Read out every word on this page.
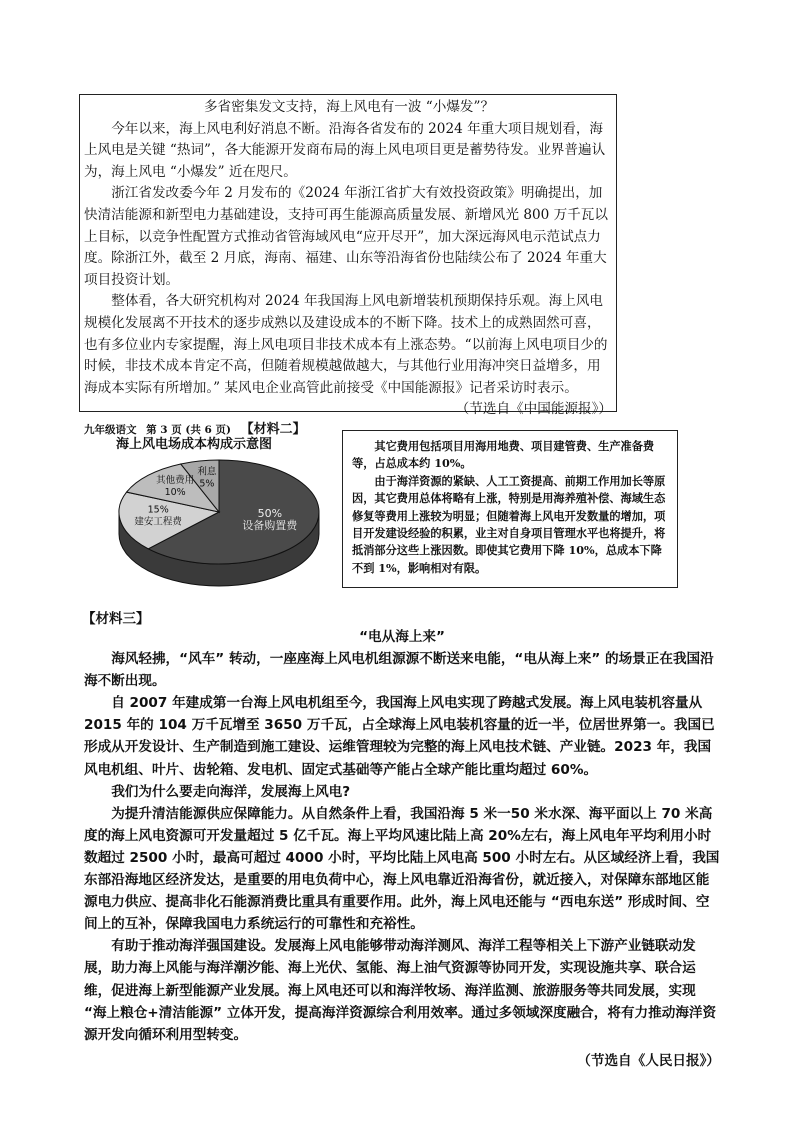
多省密集发文支持，海上风电有一波 “小爆发”？

今年以来，海上风电利好消息不断。沿海各省发布的 2024 年重大项目规划看，海上风电是关键 “热词”，各大能源开发商布局的海上风电项目更是蓄势待发。业界普遍认为，海上风电 “小爆发” 近在咫尺。

浙江省发改委今年 2 月发布的《2024 年浙江省扩大有效投资政策》明确提出，加快清洁能源和新型电力基础建设，支持可再生能源高质量发展、新增风光 800 万千瓦以上目标，以竞争性配置方式推动省管海域风电“应开尽开”，加大深远海风电示范试点力度。除浙江外，截至 2 月底，海南、福建、山东等沿海省份也陆续公布了 2024 年重大项目投资计划。

整体看，各大研究机构对 2024 年我国海上风电新增装机预期保持乐观。海上风电规模化发展离不开技术的逐步成熟以及建设成本的不断下降。技术上的成熟固然可喜，也有多位业内专家提醒，海上风电项目非技术成本有上涨态势。“以前海上风电项目少的时候，非技术成本肯定不高，但随着规模越做越大，与其他行业用海冲突日益增多，用海成本实际有所增加。” 某风电企业高管此前接受《中国能源报》记者采访时表示。

（节选自《中国能源报》）

九年级语文 第 3 页 (共 6 页) 【材料二】
海上风电场成本构成示意图
50%设备购置费
15%建安工程费
其他费用 10%
利息 5%

其它费用包括项目用海用地费、项目建管费、生产准备费等，占总成本约 10%。

由于海洋资源的紧缺、人工工资提高、前期工作用加长等原因，其它费用总体将略有上涨，特别是用海养殖补偿、海域生态修复等费用上涨较为明显；但随着海上风电开发数量的增加，项目开发建设经验的积累，业主对自身项目管理水平也将提升，将抵消部分这些上涨因数。即使其它费用下降 10%，总成本下降不到 1%，影响相对有限。

【材料三】

“电从海上来”

海风轻拂，“风车” 转动，一座座海上风电机组源源不断送来电能，“电从海上来” 的场景正在我国沿海不断出现。

自 2007 年建成第一台海上风电机组至今，我国海上风电实现了跨越式发展。海上风电装机容量从 2015 年的 104 万千瓦增至 3650 万千瓦，占全球海上风电装机容量的近一半，位居世界第一。我国已形成从开发设计、生产制造到施工建设、运维管理较为完整的海上风电技术链、产业链。2023 年，我国风电机组、叶片、齿轮箱、发电机、固定式基础等产能占全球产能比重均超过 60%。

我们为什么要走向海洋，发展海上风电?

为提升清洁能源供应保障能力。从自然条件上看，我国沿海 5 米一50 米水深、海平面以上 70 米高度的海上风电资源可开发量超过 5 亿千瓦。海上平均风速比陆上高 20%左右，海上风电年平均利用小时数超过 2500 小时，最高可超过 4000 小时，平均比陆上风电高 500 小时左右。从区域经济上看，我国东部沿海地区经济发达，是重要的用电负荷中心，海上风电靠近沿海省份，就近接入，对保障东部地区能源电力供应、提高非化石能源消费比重具有重要作用。此外，海上风电还能与 “西电东送” 形成时间、空间上的互补，保障我国电力系统运行的可靠性和充裕性。

有助于推动海洋强国建设。发展海上风电能够带动海洋测风、海洋工程等相关上下游产业链联动发展，助力海上风能与海洋潮汐能、海上光伏、氢能、海上油气资源等协同开发，实现设施共享、联合运维，促进海上新型能源产业发展。海上风电还可以和海洋牧场、海洋监测、旅游服务等共同发展，实现 “海上粮仓+清洁能源” 立体开发，提高海洋资源综合利用效率。通过多领域深度融合，将有力推动海洋资源开发向循环利用型转变。

（节选自《人民日报》）
